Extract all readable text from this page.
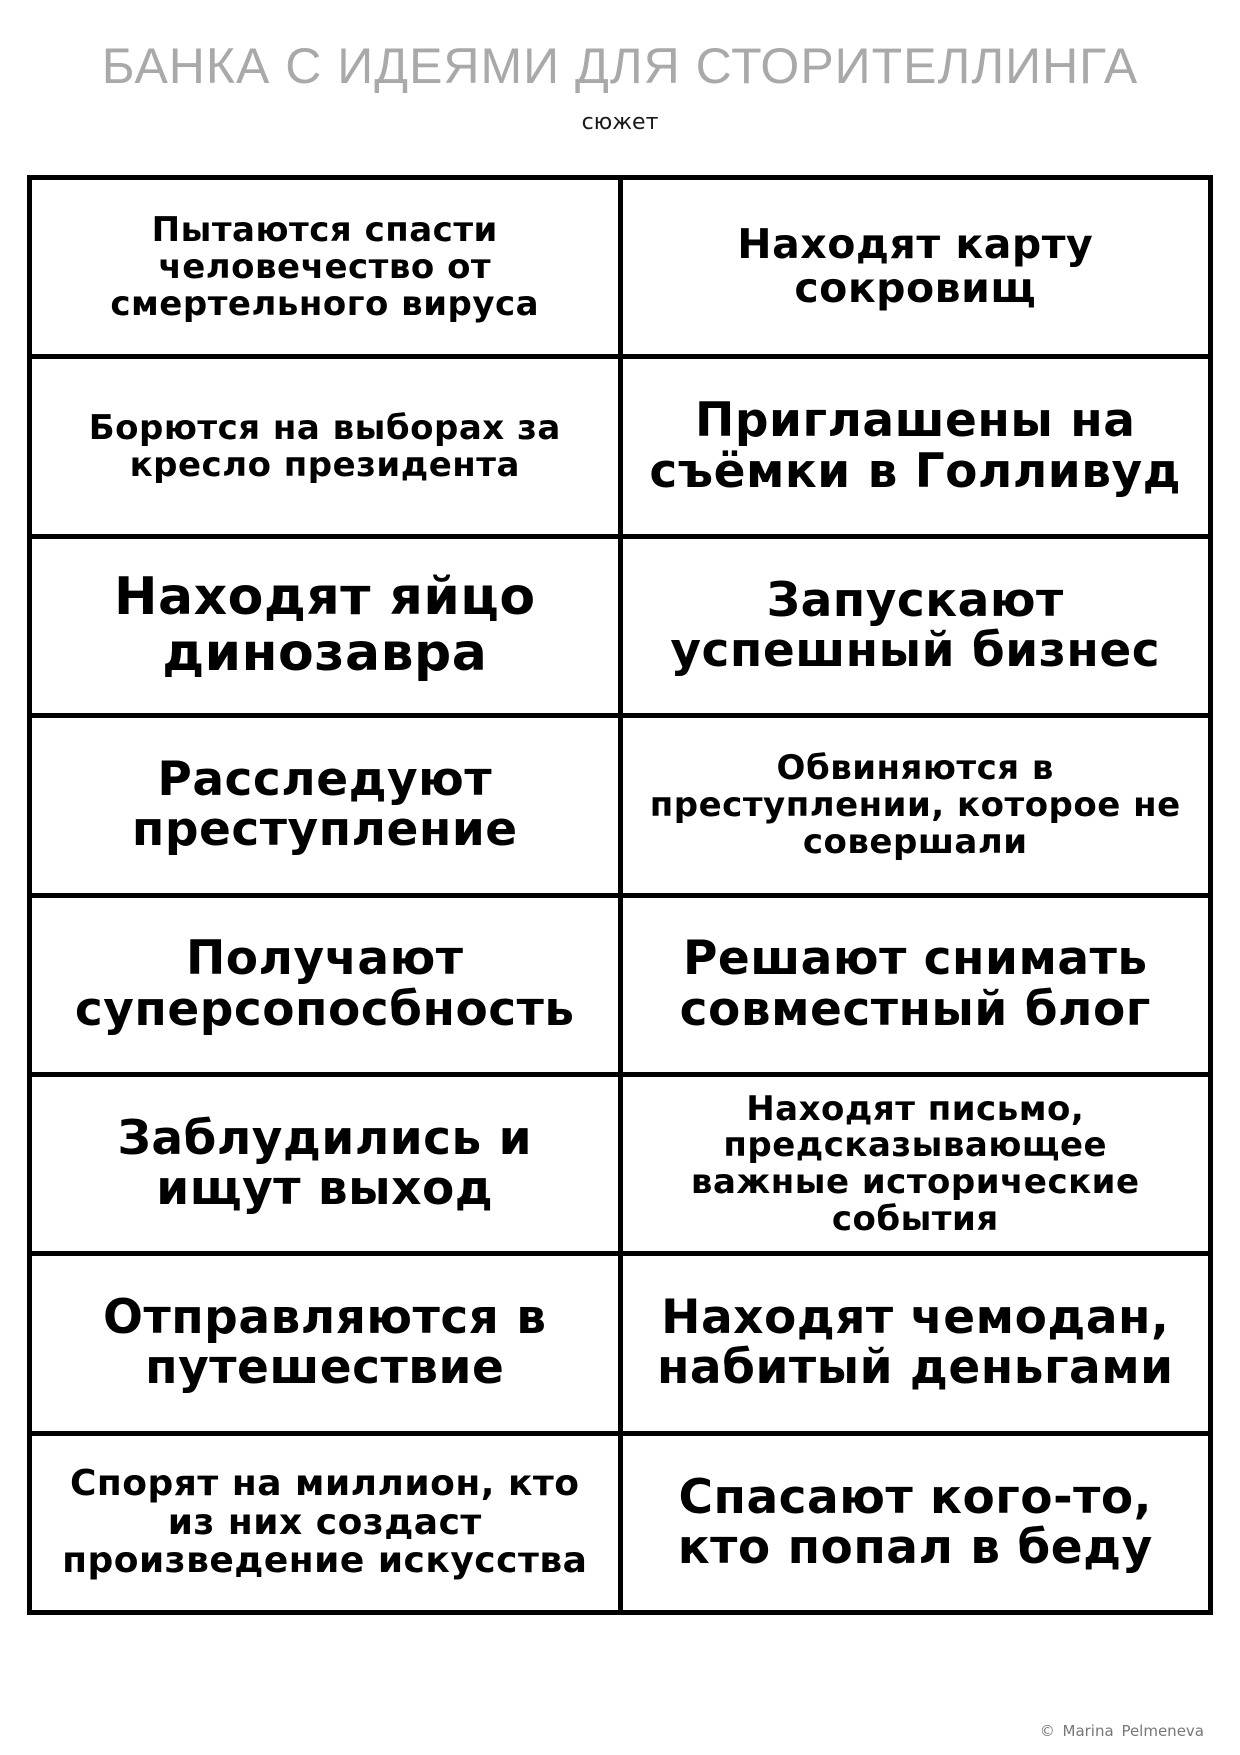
БАНКА С ИДЕЯМИ ДЛЯ СТОРИТЕЛЛИНГА
сюжет
Пытаются спасти человечество от смертельного вируса
Находят карту сокровищ
Борются на выборах за кресло президента
Приглашены на съёмки в Голливуд
Находят яйцо динозавра
Запускают успешный бизнес
Расследуют преступление
Обвиняются в преступлении, которое не совершали
Получают суперсопосбность
Решают снимать совместный блог
Заблудились и ищут выход
Находят письмо, предсказывающее важные исторические события
Отправляются в путешествие
Находят чемодан, набитый деньгами
Спорят на миллион, кто из них создаст произведение искусства
Спасают кого-то, кто попал в беду
© Marina Pelmeneva
